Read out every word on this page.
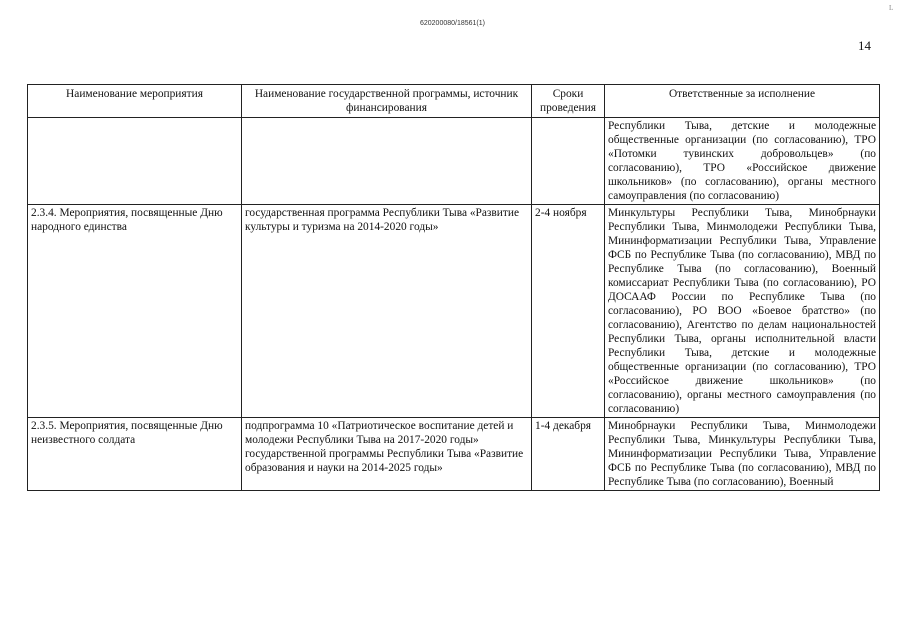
L
620200080/18561(1)
14
Наименование мероприятия	Наименование государственной программы, источник финансирования	Сроки проведения	Ответственные за исполнение
			Республики Тыва, детские и молодежные общественные организации (по согласованию), ТРО «Потомки тувинских добровольцев» (по согласованию), ТРО «Российское движение школьников» (по согласованию), органы местного самоуправления (по согласованию)
2.3.4. Мероприятия, посвященные Дню народного единства	государственная программа Республики Тыва «Развитие культуры и туризма на 2014-2020 годы»	2-4 ноября	Минкультуры Республики Тыва, Минобрнауки Республики Тыва, Минмолодежи Республики Тыва, Мининформатизации Республики Тыва, Управление ФСБ по Республике Тыва (по согласованию), МВД по Республике Тыва (по согласованию), Военный комиссариат Республики Тыва (по согласованию), РО ДОСААФ России по Республике Тыва (по согласованию), РО ВОО «Боевое братство» (по согласованию), Агентство по делам национальностей Республики Тыва, органы исполнительной власти Республики Тыва, детские и молодежные общественные организации (по согласованию), ТРО «Российское движение школьников» (по согласованию), органы местного самоуправления (по согласованию)
2.3.5. Мероприятия, посвященные Дню неизвестного солдата	подпрограмма 10 «Патриотическое воспитание детей и молодежи Республики Тыва на 2017-2020 годы» государственной программы Республики Тыва «Развитие образования и науки на 2014-2025 годы»	1-4 декабря	Минобрнауки Республики Тыва, Минмолодежи Республики Тыва, Минкультуры Республики Тыва, Мининформатизации Республики Тыва, Управление ФСБ по Республике Тыва (по согласованию), МВД по Республике Тыва (по согласованию), Военный
